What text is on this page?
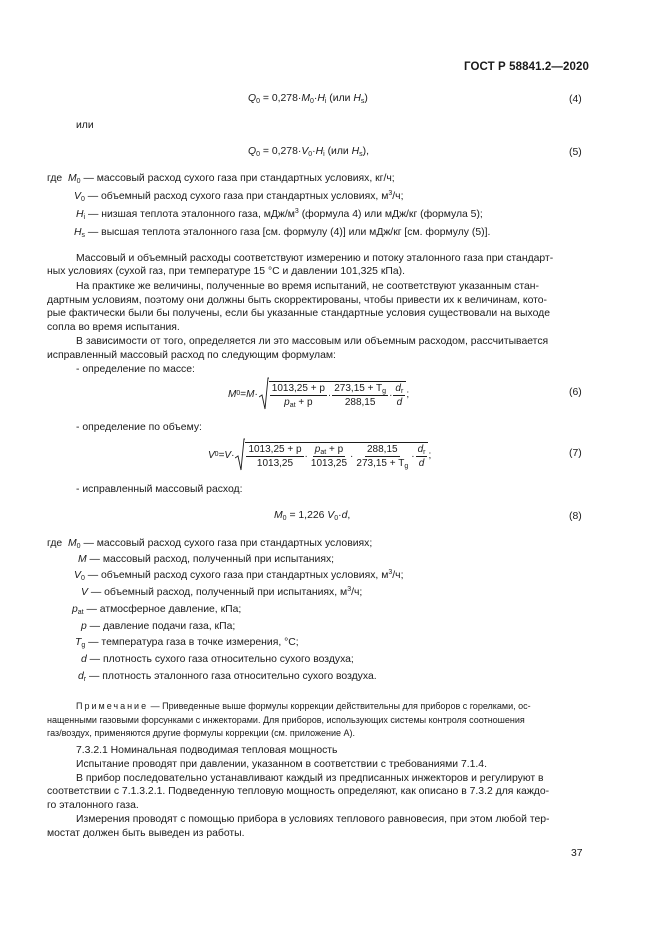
ГОСТ Р 58841.2—2020
$Q_0 = 0,278\cdot M_0\cdot H_i$ (или $H_s$)	(4)
или
$Q_0 = 0,278\cdot V_0\cdot H_i$ (или $H_s$),	(5)
где $M_0$ — массовый расход сухого газа при стандартных условиях, кг/ч;
$V_0$ — объемный расход сухого газа при стандартных условиях, $м^3/ч$;
$H_i$ — низшая теплота эталонного газа, мДж/$м^3$ (формула 4) или мДж/кг (формула 5);
$H_s$ — высшая теплота эталонного газа [см. формулу (4)] или мДж/кг [см. формулу (5)].
Массовый и объемный расходы соответствуют измерению и потоку эталонного газа при стандарт-
ных условиях (сухой газ, при температуре 15 °С и давлении 101,325 кПа).
На практике же величины, полученные во время испытаний, не соответствуют указанным стан-
дартным условиям, поэтому они должны быть скорректированы, чтобы привести их к величинам, кото-
рые фактически были бы получены, если бы указанные стандартные условия существовали на выходе
сопла во время испытания.
В зависимости от того, определяется ли это массовым или объемным расходом, рассчитывается
исправленный массовый расход по следующим формулам:
- определение по массе:
M $0 = M \cdot \frac{1013,25 + p}{p_{at} + p} \cdot \frac{273,15 + T_g}{288,15} \cdot \frac{d_r}{d}$ ;	(6)
- определение по объему:
V $0 = V \cdot \frac{1013,25 + p}{1013,25} \cdot \frac{p_{at} + p}{1013,25} \cdot \frac{288,15}{273,15 + T_g} \cdot \frac{d_r}{d}$ ;	(7)
- исправленный массовый расход:
$M_0 = 1,226$ $V_0\cdot d$,	(8)
где $M_0$ — массовый расход сухого газа при стандартных условиях;
M — массовый расход, полученный при испытаниях;
$V_0$ — объемный расход сухого газа при стандартных условиях, $м^3/ч$;
V — объемный расход, полученный при испытаниях, $м^3/ч$;
$p_{at}$ — атмосферное давление, кПа;
p — давление подачи газа, кПа;
$T_g$ — температура газа в точке измерения, °С;
d — плотность сухого газа относительно сухого воздуха;
$d_r$ — плотность эталонного газа относительно сухого воздуха.
Примечание — Приведенные выше формулы коррекции действительны для приборов с горелками, ос-
нащенными газовыми форсунками с инжекторами. Для приборов, использующих системы контроля соотношения
газ/воздух, применяются другие формулы коррекции (см. приложение А).
7.3.2.1 Номинальная подводимая тепловая мощность
Испытание проводят при давлении, указанном в соответствии с требованиями 7.1.4.
В прибор последовательно устанавливают каждый из предписанных инжекторов и регулируют в
соответствии с 7.1.3.2.1. Подведенную тепловую мощность определяют, как описано в 7.3.2 для каждо-
го эталонного газа.
Измерения проводят с помощью прибора в условиях теплового равновесия, при этом любой тер-
мостат должен быть выведен из работы.
37
